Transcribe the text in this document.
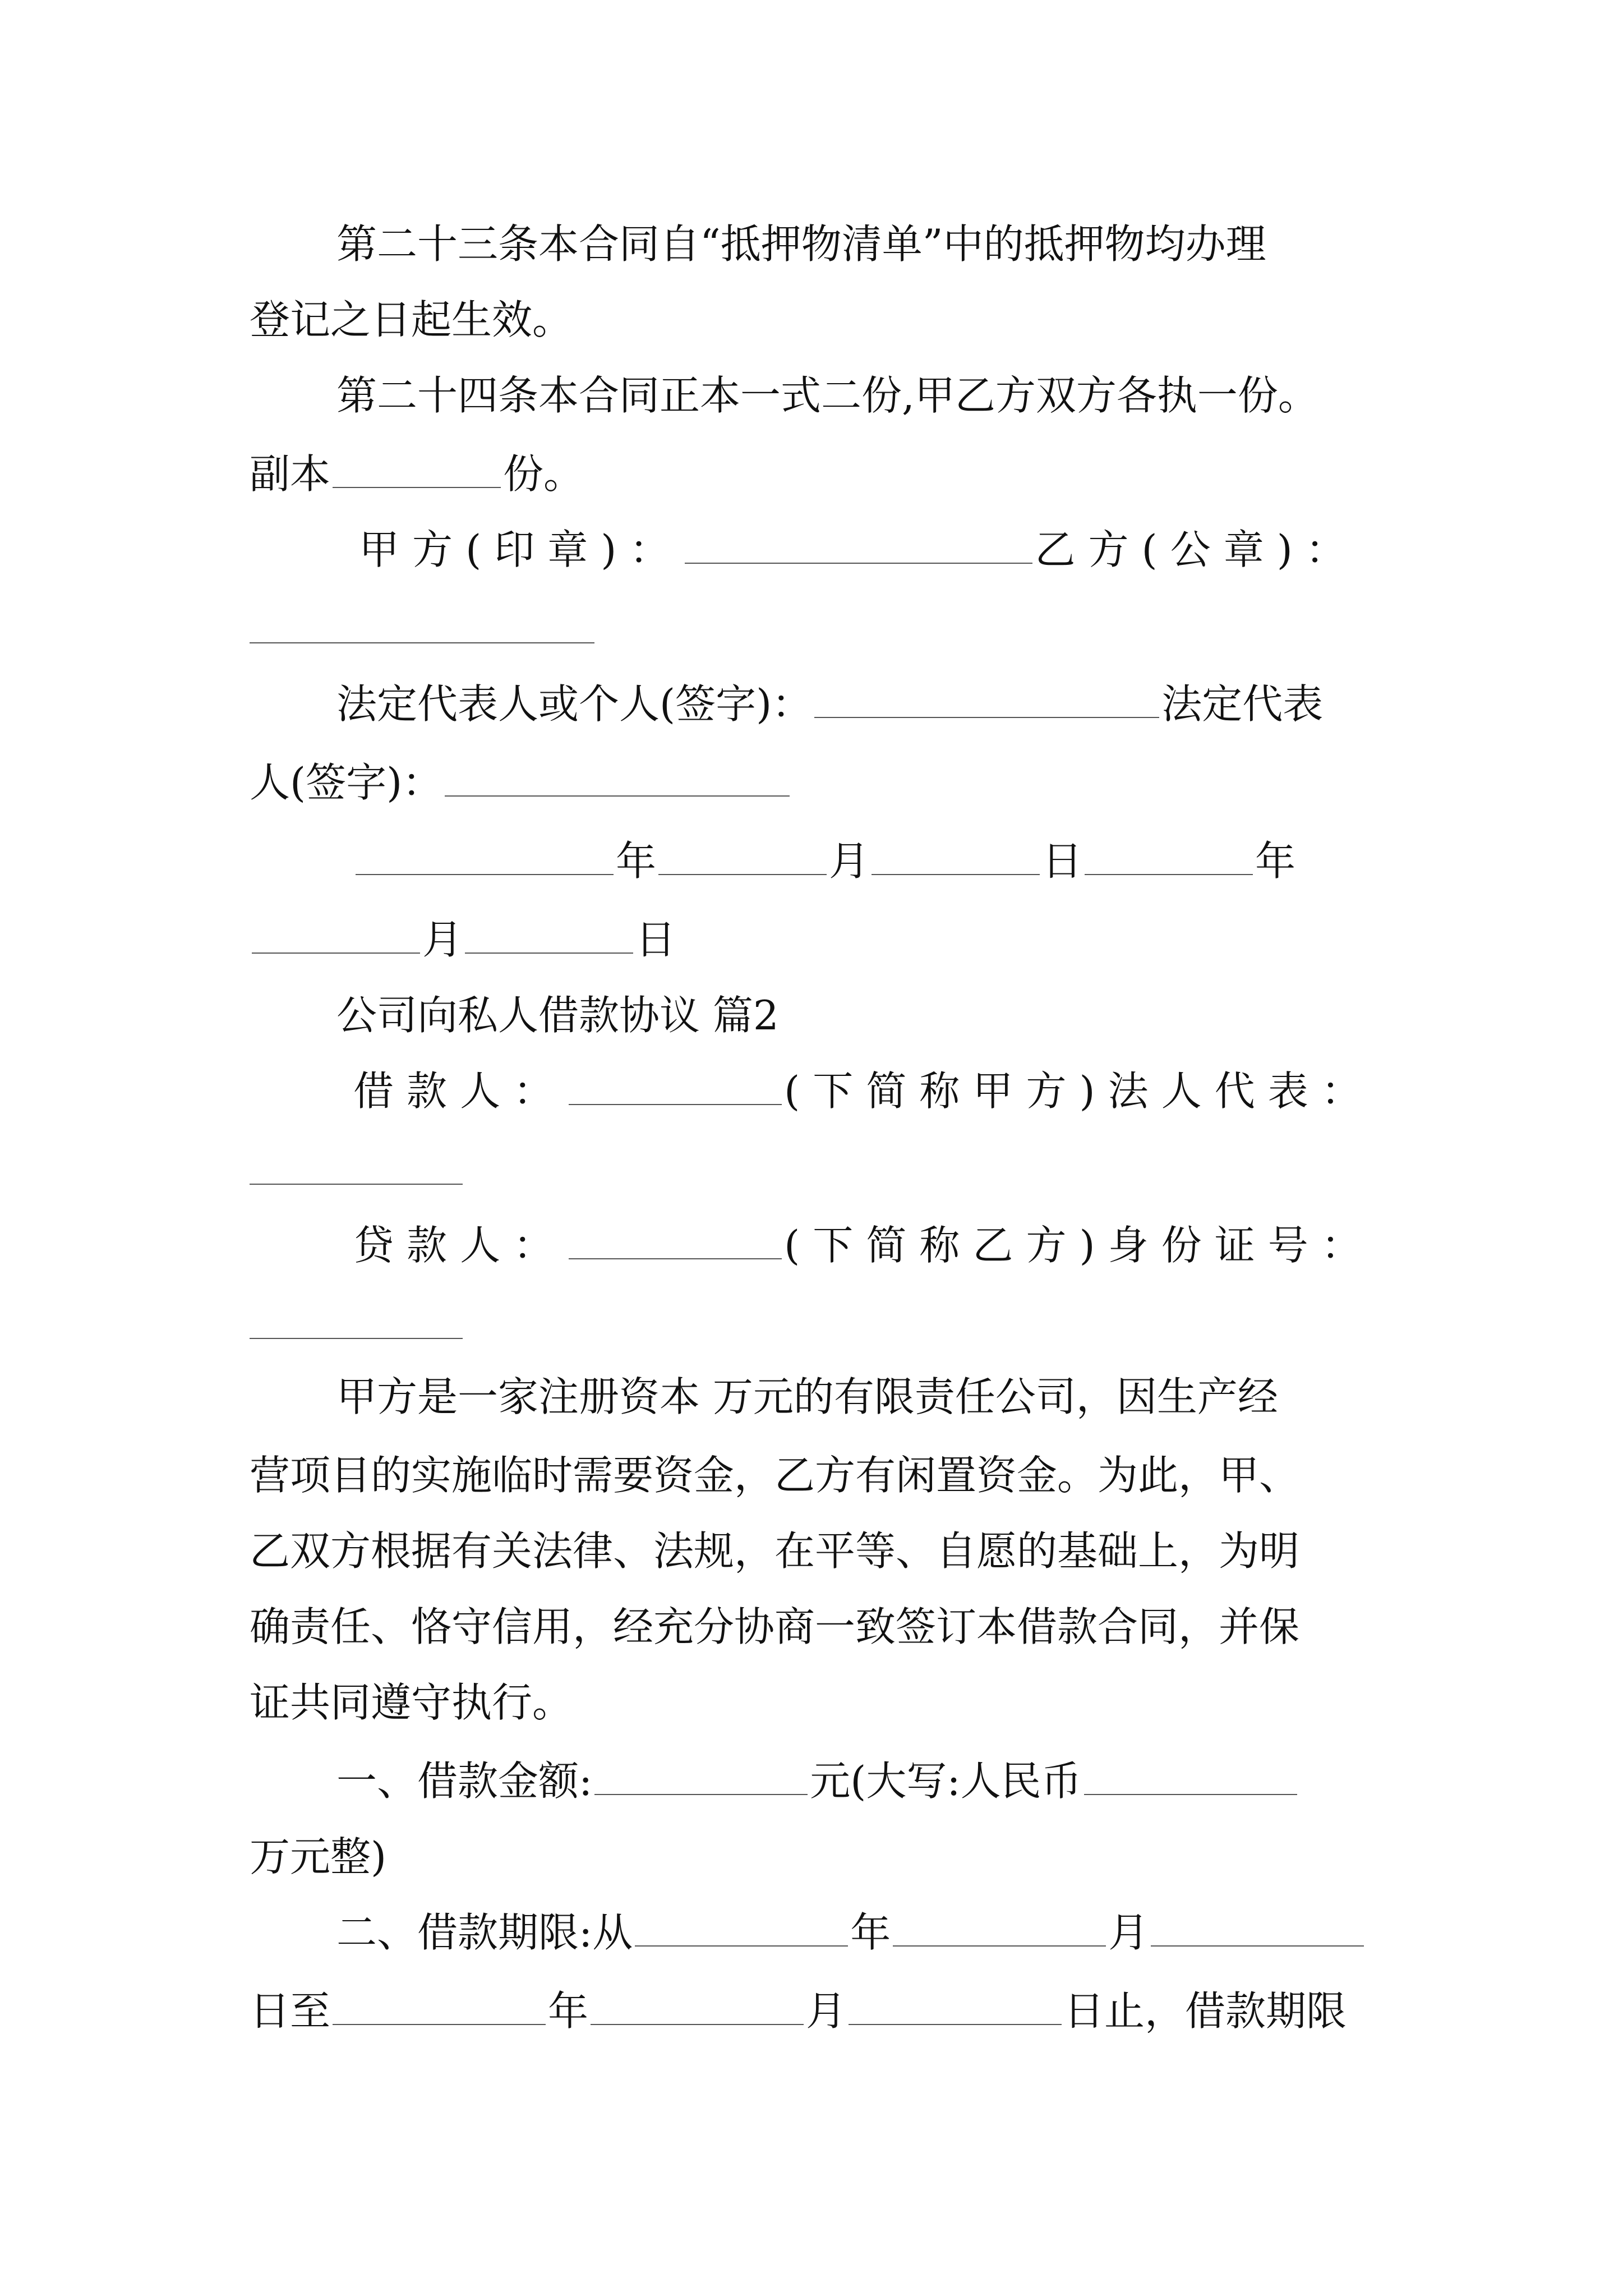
第二十三条本合同自“抵押物清单”中的抵押物均办理
登记之日起生效。
第二十四条本合同正本一式二份,甲乙方双方各执一份。
副本	份。
甲方(印章)：	乙方(公章)：
法定代表人或个人(签字)：	法定代表
人(签字)：
年	月	日	年
月	日
公司向私人借款协议 篇2
借款人：	(下简称甲方)法人代表：
贷款人：	(下简称乙方)身份证号：
甲方是一家注册资本 万元的有限责任公司，因生产经
营项目的实施临时需要资金，乙方有闲置资金。为此，甲、
乙双方根据有关法律、法规，在平等、自愿的基础上，为明
确责任、恪守信用，经充分协商一致签订本借款合同，并保
证共同遵守执行。
一、借款金额:	元(大写:人民币
万元整)
二、借款期限:从	年	月
日至	年	月	日止，借款期限
